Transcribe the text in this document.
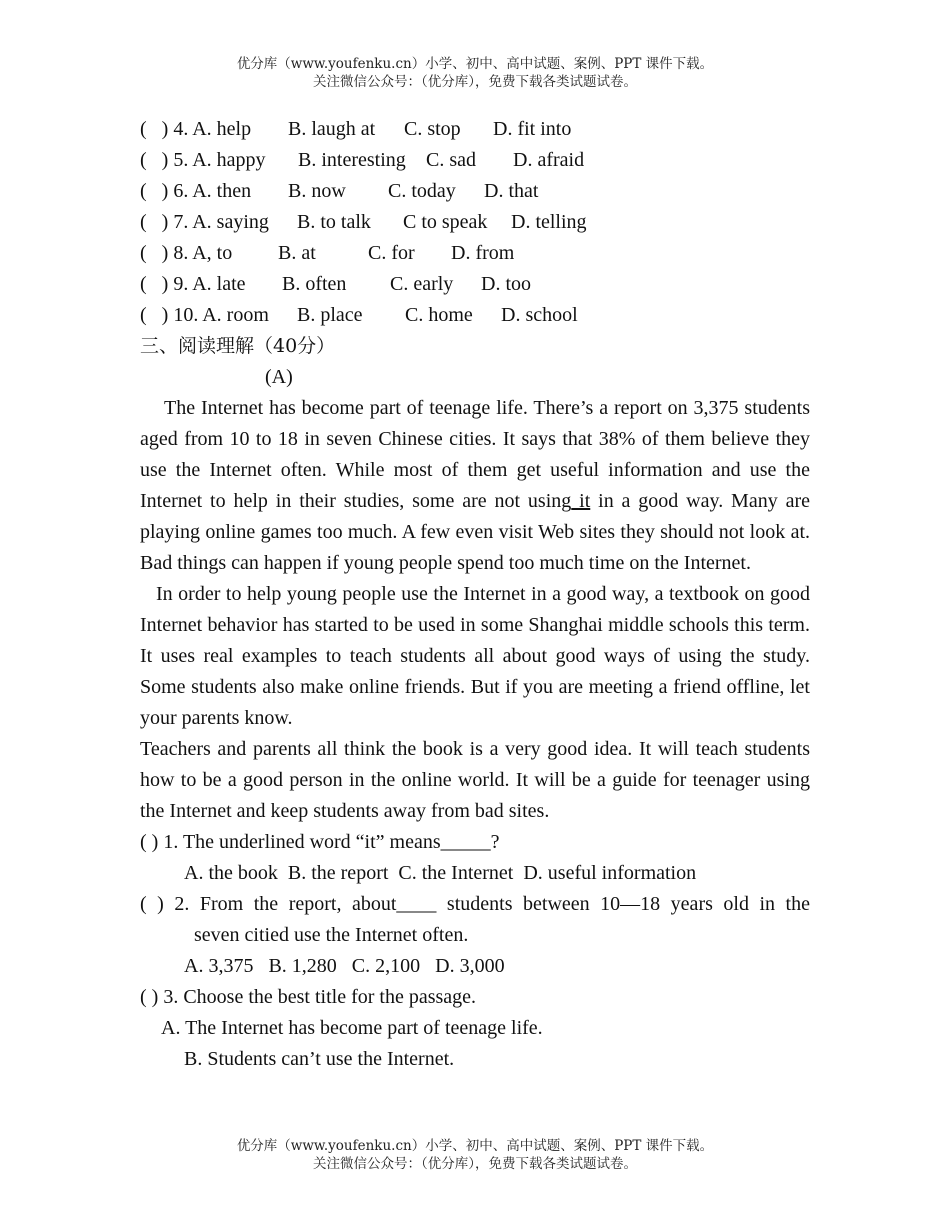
优分库（www.youfenku.cn）小学、初中、高中试题、案例、PPT 课件下载。
关注微信公众号：（优分库），免费下载各类试题试卷。
(   ) 4. A. help B. laugh at C. stop D. fit into
(   ) 5. A. happy B. interesting C. sad D. afraid
(   ) 6. A. then B. now C. today D. that
(   ) 7. A. saying B. to talk C to speak D. telling
(   ) 8. A, to B. at	C. for D. from
(   ) 9. A. late B. often C. early D. too
(   ) 10. A. room B. place C. home D. school
三、阅读理解（40分）
(A)
The Internet has become part of teenage life. There’s a report on 3,375 students aged from 10 to 18 in seven Chinese cities. It says that 38% of them believe they use the Internet often. While most of them get useful information and use the Internet to help in their studies, some are not using it in a good way. Many are playing online games too much. A few even visit Web sites they should not look at. Bad things can happen if young people spend too much time on the Internet.
In order to help young people use the Internet in a good way, a textbook on good Internet behavior has started to be used in some Shanghai middle schools this term. It uses real examples to teach students all about good ways of using the study. Some students also make online friends. But if you are meeting a friend offline, let your parents know.
Teachers and parents all think the book is a very good idea. It will teach students how to be a good person in the online world. It will be a guide for teenager using the Internet and keep students away from bad sites.
( ) 1. The underlined word “it” means_____?
A. the book  B. the report  C. the Internet  D. useful information
( ) 2. From the report, about____ students between 10—18 years old in the
seven citied use the Internet often.
A. 3,375   B. 1,280   C. 2,100   D. 3,000
( ) 3. Choose the best title for the passage.
A. The Internet has become part of teenage life.
B. Students can’t use the Internet.
优分库（www.youfenku.cn）小学、初中、高中试题、案例、PPT 课件下载。
关注微信公众号：（优分库），免费下载各类试题试卷。
